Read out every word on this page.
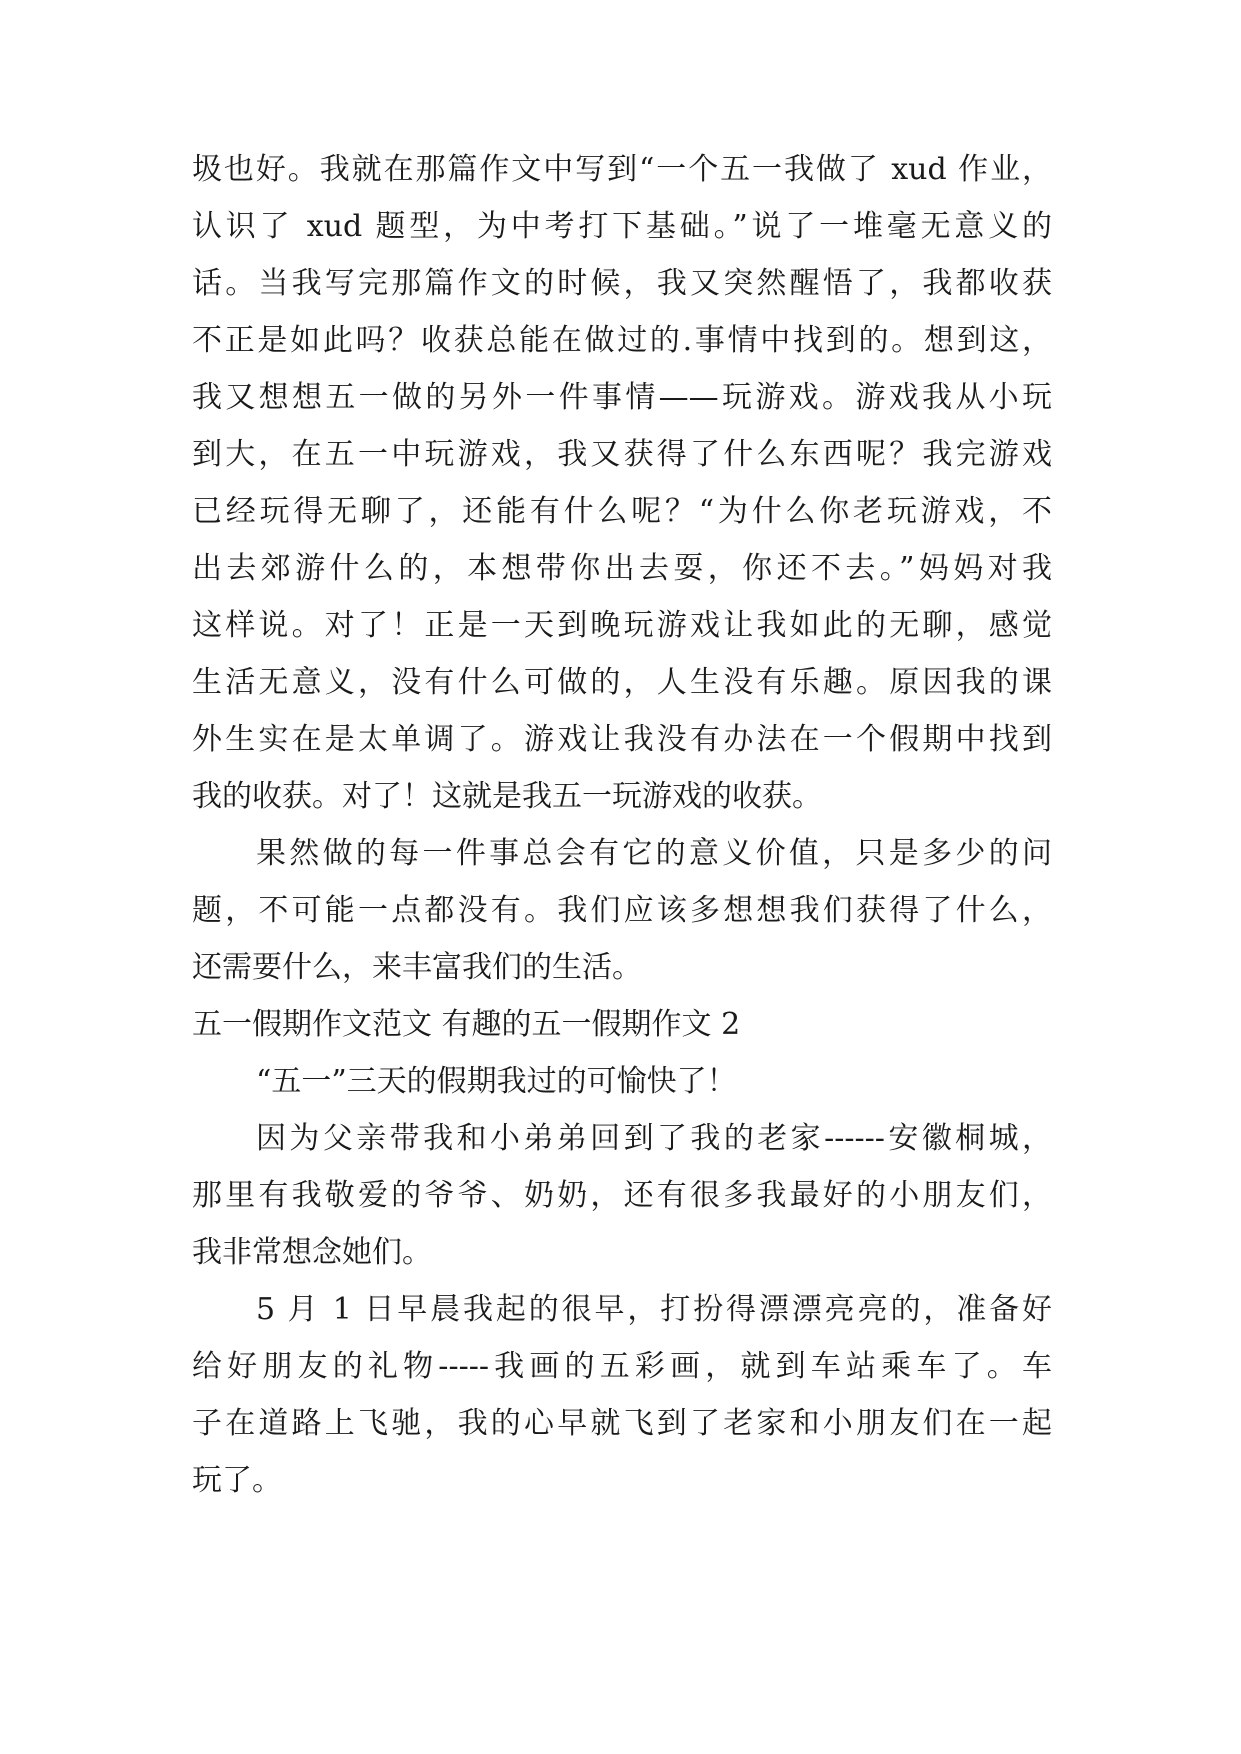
圾也好。我就在那篇作文中写到“一个五一我做了 xud 作业，
认识了 xud 题型，为中考打下基础。”说了一堆毫无意义的
话。当我写完那篇作文的时候，我又突然醒悟了，我都收获
不正是如此吗？收获总能在做过的.事情中找到的。想到这，
我又想想五一做的另外一件事情——玩游戏。游戏我从小玩
到大，在五一中玩游戏，我又获得了什么东西呢？我完游戏
已经玩得无聊了，还能有什么呢？“为什么你老玩游戏，不
出去郊游什么的，本想带你出去耍，你还不去。”妈妈对我
这样说。对了！正是一天到晚玩游戏让我如此的无聊，感觉
生活无意义，没有什么可做的，人生没有乐趣。原因我的课
外生实在是太单调了。游戏让我没有办法在一个假期中找到
我的收获。对了！这就是我五一玩游戏的收获。
果然做的每一件事总会有它的意义价值，只是多少的问
题，不可能一点都没有。我们应该多想想我们获得了什么，
还需要什么，来丰富我们的生活。
五一假期作文范文 有趣的五一假期作文 2
“五一”三天的假期我过的可愉快了！
因为父亲带我和小弟弟回到了我的老家------安徽桐城，
那里有我敬爱的爷爷、奶奶，还有很多我最好的小朋友们，
我非常想念她们。
5 月 1 日早晨我起的很早，打扮得漂漂亮亮的，准备好
给好朋友的礼物-----我画的五彩画，就到车站乘车了。车
子在道路上飞驰，我的心早就飞到了老家和小朋友们在一起
玩了。
